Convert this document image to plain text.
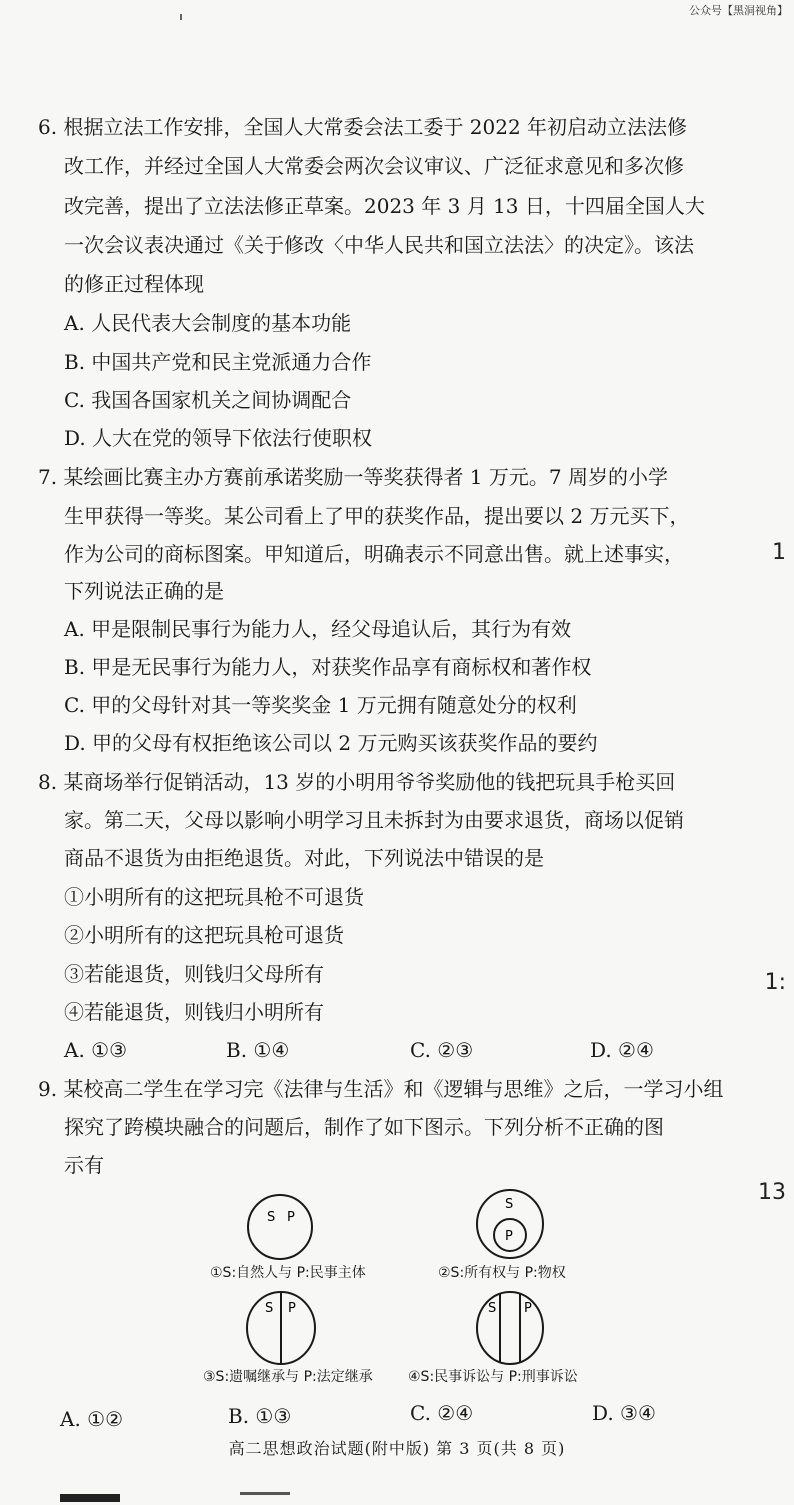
公众号【黑洞视角】
6. 根据立法工作安排，全国人大常委会法工委于 2022 年初启动立法法修
改工作，并经过全国人大常委会两次会议审议、广泛征求意见和多次修
改完善，提出了立法法修正草案。2023 年 3 月 13 日，十四届全国人大
一次会议表决通过《关于修改〈中华人民共和国立法法〉的决定》。该法
的修正过程体现
A. 人民代表大会制度的基本功能
B. 中国共产党和民主党派通力合作
C. 我国各国家机关之间协调配合
D. 人大在党的领导下依法行使职权
7. 某绘画比赛主办方赛前承诺奖励一等奖获得者 1 万元。7 周岁的小学
生甲获得一等奖。某公司看上了甲的获奖作品，提出要以 2 万元买下，
作为公司的商标图案。甲知道后，明确表示不同意出售。就上述事实，
下列说法正确的是
A. 甲是限制民事行为能力人，经父母追认后，其行为有效
B. 甲是无民事行为能力人，对获奖作品享有商标权和著作权
C. 甲的父母针对其一等奖奖金 1 万元拥有随意处分的权利
D. 甲的父母有权拒绝该公司以 2 万元购买该获奖作品的要约
8. 某商场举行促销活动，13 岁的小明用爷爷奖励他的钱把玩具手枪买回
家。第二天，父母以影响小明学习且未拆封为由要求退货，商场以促销
商品不退货为由拒绝退货。对此，下列说法中错误的是
①小明所有的这把玩具枪不可退货
②小明所有的这把玩具枪可退货
③若能退货，则钱归父母所有
④若能退货，则钱归小明所有
A. ①③	B. ①④	C. ②③	D. ②④
9. 某校高二学生在学习完《法律与生活》和《逻辑与思维》之后，一学习小组
探究了跨模块融合的问题后，制作了如下图示。下列分析不正确的图
示有
S P
①S:自然人与 P:民事主体
S
P
②S:所有权与 P:物权
S P
③S:遗嘱继承与 P:法定继承
S P
④S:民事诉讼与 P:刑事诉讼
A. ①②	B. ①③	C. ②④	D. ③④
1
1:
13
高二思想政治试题(附中版) 第 3 页(共 8 页)
